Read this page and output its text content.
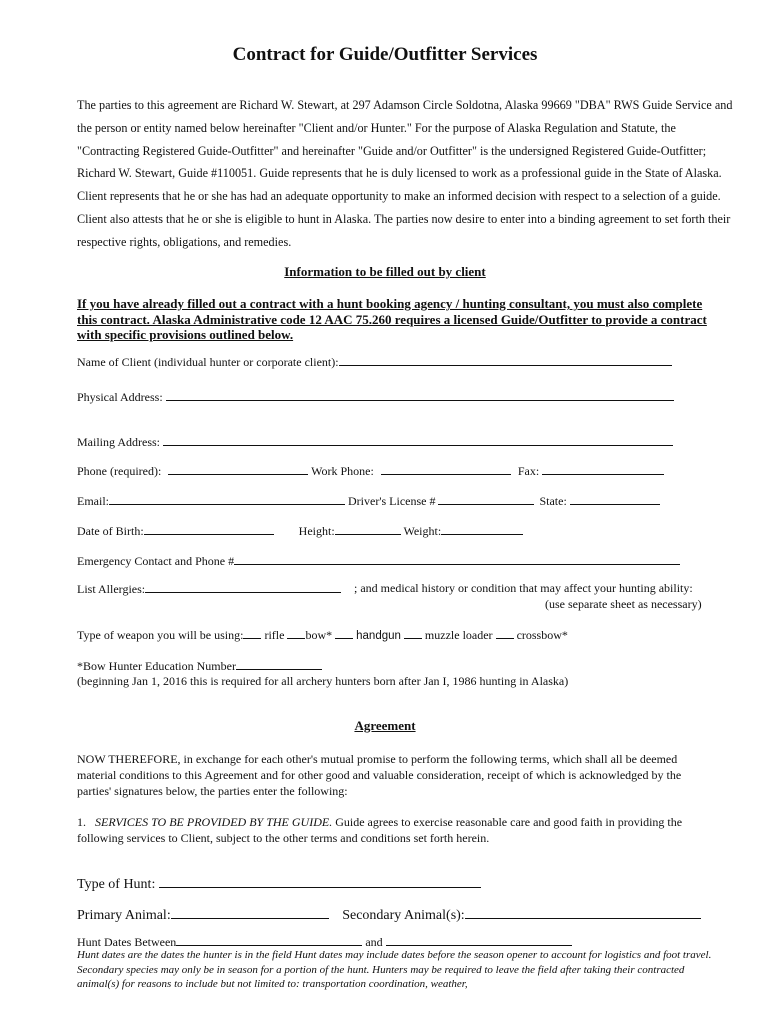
Contract for Guide/Outfitter Services

The parties to this agreement are Richard W. Stewart, at 297 Adamson Circle Soldotna, Alaska 99669 "DBA" RWS Guide Service and the person or entity named below hereinafter "Client and/or Hunter." For the purpose of Alaska Regulation and Statute, the "Contracting Registered Guide-Outfitter" and hereinafter "Guide and/or Outfitter" is the undersigned Registered Guide-Outfitter; Richard W. Stewart, Guide #110051. Guide represents that he is duly licensed to work as a professional guide in the State of Alaska. Client represents that he or she has had an adequate opportunity to make an informed decision with respect to a selection of a guide. Client also attests that he or she is eligible to hunt in Alaska. The parties now desire to enter into a binding agreement to set forth their respective rights, obligations, and remedies.

Information to be filled out by client

If you have already filled out a contract with a hunt booking agency / hunting consultant, you must also complete this contract. Alaska Administrative code 12 AAC 75.260 requires a licensed Guide/Outfitter to provide a contract with specific provisions outlined below.

Name of Client (individual hunter or corporate client):
Physical Address:
Mailing Address:
Phone (required):	Work Phone:	Fax:
Email:	Driver's License #	State:
Date of Birth:	Height:	Weight:
Emergency Contact and Phone #
List Allergies:	; and medical history or condition that may affect your hunting ability:
(use separate sheet as necessary)
Type of weapon you will be using: rifle bow* handgun muzzle loader crossbow*
*Bow Hunter Education Number
(beginning Jan 1, 2016 this is required for all archery hunters born after Jan I, 1986 hunting in Alaska)
Agreement

NOW THEREFORE, in exchange for each other's mutual promise to perform the following terms, which shall all be deemed material conditions to this Agreement and for other good and valuable consideration, receipt of which is acknowledged by the parties' signatures below, the parties enter the following:

1. SERVICES TO BE PROVIDED BY THE GUIDE. Guide agrees to exercise reasonable care and good faith in providing the following services to Client, subject to the other terms and conditions set forth herein.

Type of Hunt:
Primary Animal:	Secondary Animal(s):
Hunt Dates Between	and

Hunt dates are the dates the hunter is in the field Hunt dates may include dates before the season opener to account for logistics and foot travel. Secondary species may only be in season for a portion of the hunt. Hunters may be required to leave the field after taking their contracted animal(s) for reasons to include but not limited to: transportation coordination, weather,
